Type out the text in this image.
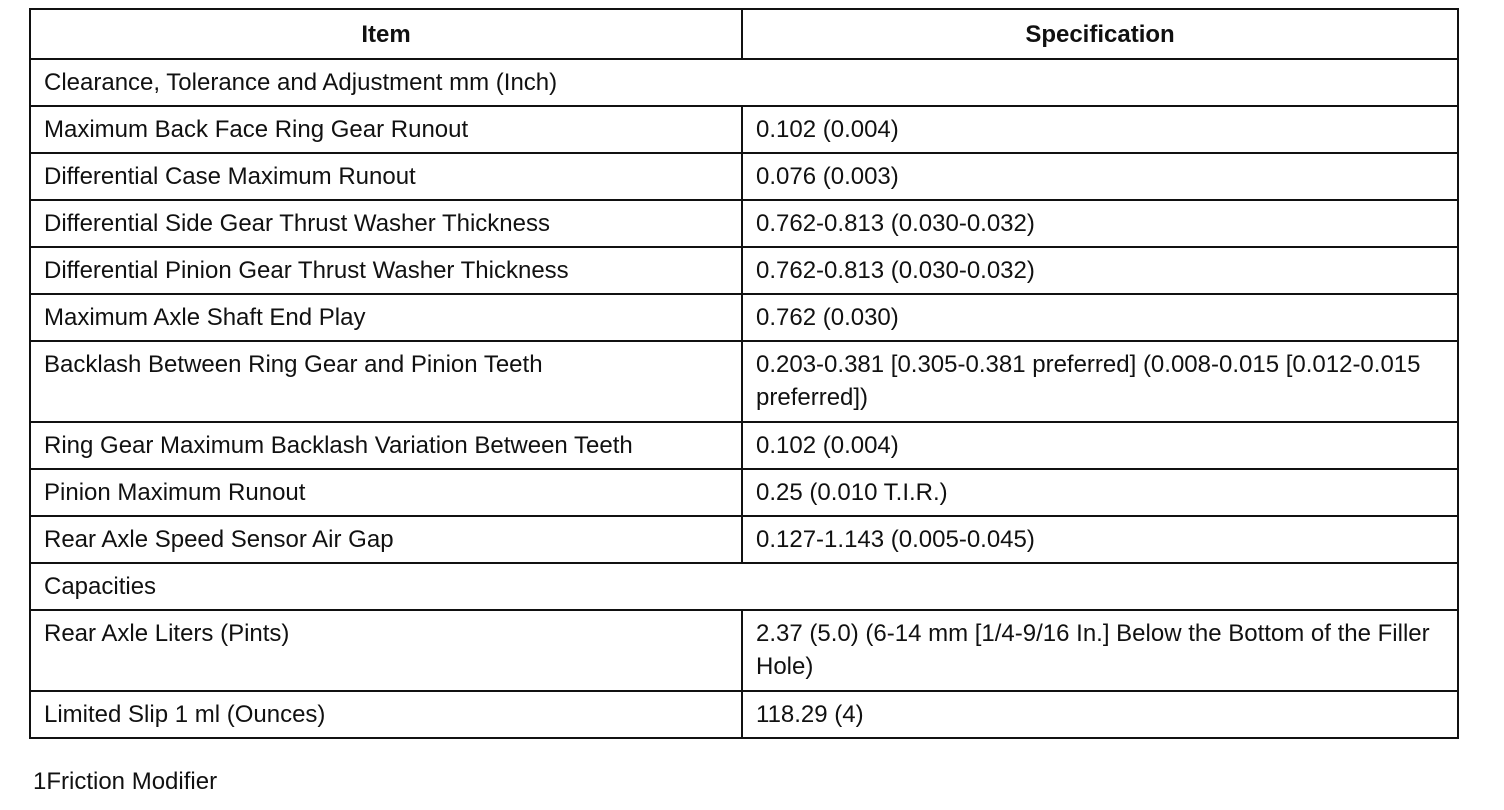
Item	Specification
Clearance, Tolerance and Adjustment mm (Inch)	
Maximum Back Face Ring Gear Runout	0.102 (0.004)
Differential Case Maximum Runout	0.076 (0.003)
Differential Side Gear Thrust Washer Thickness	0.762-0.813 (0.030-0.032)
Differential Pinion Gear Thrust Washer Thickness	0.762-0.813 (0.030-0.032)
Maximum Axle Shaft End Play	0.762 (0.030)
Backlash Between Ring Gear and Pinion Teeth	0.203-0.381 [0.305-0.381 preferred] (0.008-0.015 [0.012-0.015 preferred])
Ring Gear Maximum Backlash Variation Between Teeth	0.102 (0.004)
Pinion Maximum Runout	0.25 (0.010 T.I.R.)
Rear Axle Speed Sensor Air Gap	0.127-1.143 (0.005-0.045)
Capacities	
Rear Axle Liters (Pints)	2.37 (5.0) (6-14 mm [1/4-9/16 In.] Below the Bottom of the Filler Hole)
Limited Slip 1 ml (Ounces)	118.29 (4)
1Friction Modifier
